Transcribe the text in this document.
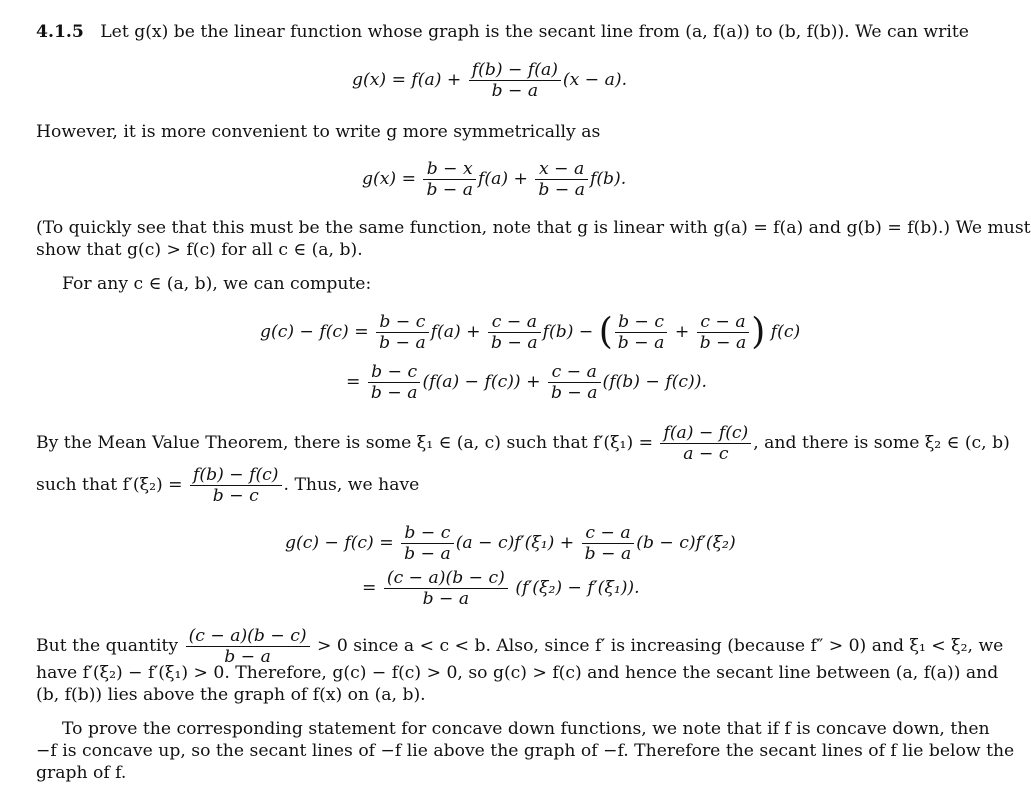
4.1.5 Let g(x) be the linear function whose graph is the secant line from (a, f(a)) to (b, f(b)). We can write
$g(x) = f(a) + \frac{f(b) - f(a)}{b - a} (x - a)$.
However, it is more convenient to write g more symmetrically as
$g(x) = \frac{b - x}{b - a} f(a) + \frac{x - a}{b - a} f(b)$.
(To quickly see that this must be the same function, note that g is linear with g(a) = f(a) and g(b) = f(b).) We must
show that g(c) > f(c) for all c ∈ (a, b).
For any c ∈ (a, b), we can compute:
$g(c) - f(c) = \frac{b - c}{b - a} f(a) + \frac{c - a}{b - a} f(b)$ − ( $\frac{b - c}{b - a} + \frac{c - a}{b - a}$ ) f(c)
= $\frac{b - c}{b - a} (f(a) - f(c)) + \frac{c - a}{b - a} (f(b) - f(c))$.
By the Mean Value Theorem, there is some ξ₁ ∈ (a, c) such that $f'(\xi_1) = \frac{f(a) - f(c)}{a - c}$ , and there is some ξ₂ ∈ (c, b)
such that $f'(\xi_2) = \frac{f(b) - f(c)}{b - c}$ . Thus, we have
$g(c) - f(c) = \frac{b - c}{b - a} (a - c)f'(\xi_1) + \frac{c - a}{b - a} (b - c)f'(\xi_2)$
= $\frac{(c - a)(b - c)}{b - a} (f'(\xi_2) - f'(\xi_1))$.
But the quantity $\frac{(c - a)(b - c)}{b - a} > 0$ since a < c < b. Also, since f′ is increasing (because f″ > 0) and ξ₁ < ξ₂, we
have f′(ξ₂) − f′(ξ₁) > 0. Therefore, g(c) − f(c) > 0, so g(c) > f(c) and hence the secant line between (a, f(a)) and
(b, f(b)) lies above the graph of f(x) on (a, b).
To prove the corresponding statement for concave down functions, we note that if f is concave down, then
−f is concave up, so the secant lines of −f lie above the graph of −f. Therefore the secant lines of f lie below the
graph of f.
